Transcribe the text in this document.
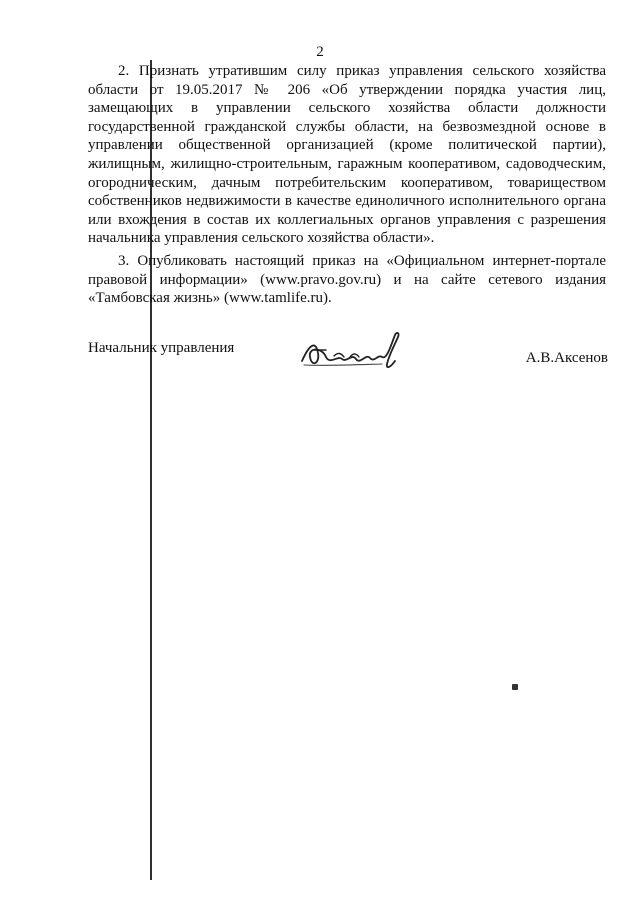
2

2. Признать утратившим силу приказ управления сельского хозяйства области от 19.05.2017 № 206 «Об утверждении порядка участия лиц, замещающих в управлении сельского хозяйства области должности государственной гражданской службы области, на безвозмездной основе в управлении общественной организацией (кроме политической партии), жилищным, жилищно-строительным, гаражным кооперативом, садоводческим, огородническим, дачным потребительским кооперативом, товариществом собственников недвижимости в качестве единоличного исполнительного органа или вхождения в состав их коллегиальных органов управления с разрешения начальника управления сельского хозяйства области».

3. Опубликовать настоящий приказ на «Официальном интернет-портале правовой информации» (www.pravo.gov.ru) и на сайте сетевого издания «Тамбовская жизнь» (www.tamlife.ru).

Начальник управления
А.В.Аксенов
